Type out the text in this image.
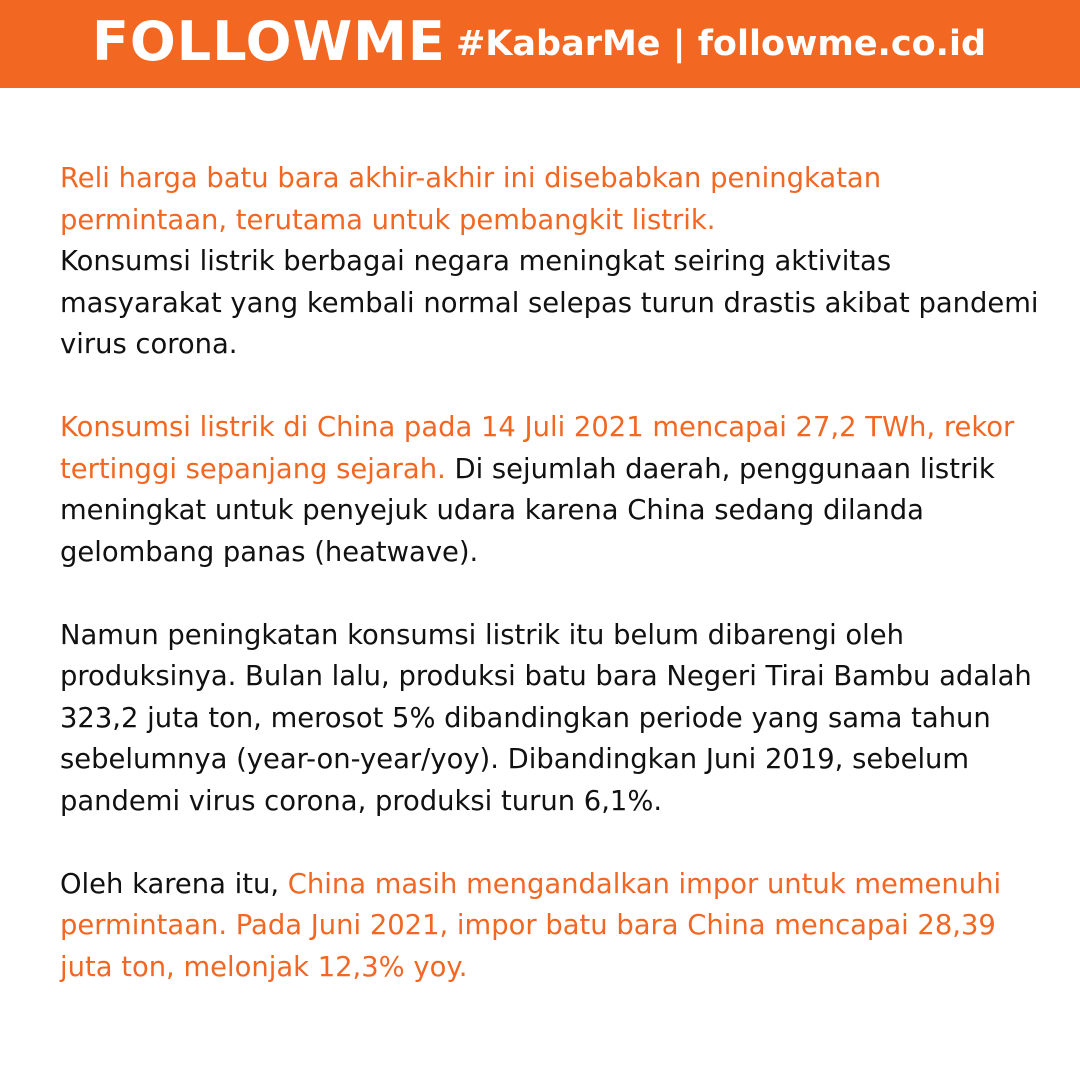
FOLLOWME #KabarMe | followme.co.id

Reli harga batu bara akhir-akhir ini disebabkan peningkatan permintaan, terutama untuk pembangkit listrik.
Konsumsi listrik berbagai negara meningkat seiring aktivitas masyarakat yang kembali normal selepas turun drastis akibat pandemi virus corona.

Konsumsi listrik di China pada 14 Juli 2021 mencapai 27,2 TWh, rekor tertinggi sepanjang sejarah. Di sejumlah daerah, penggunaan listrik meningkat untuk penyejuk udara karena China sedang dilanda gelombang panas (heatwave).

Namun peningkatan konsumsi listrik itu belum dibarengi oleh produksinya. Bulan lalu, produksi batu bara Negeri Tirai Bambu adalah 323,2 juta ton, merosot 5% dibandingkan periode yang sama tahun sebelumnya (year-on-year/yoy). Dibandingkan Juni 2019, sebelum pandemi virus corona, produksi turun 6,1%.

Oleh karena itu, China masih mengandalkan impor untuk memenuhi permintaan. Pada Juni 2021, impor batu bara China mencapai 28,39 juta ton, melonjak 12,3% yoy.
